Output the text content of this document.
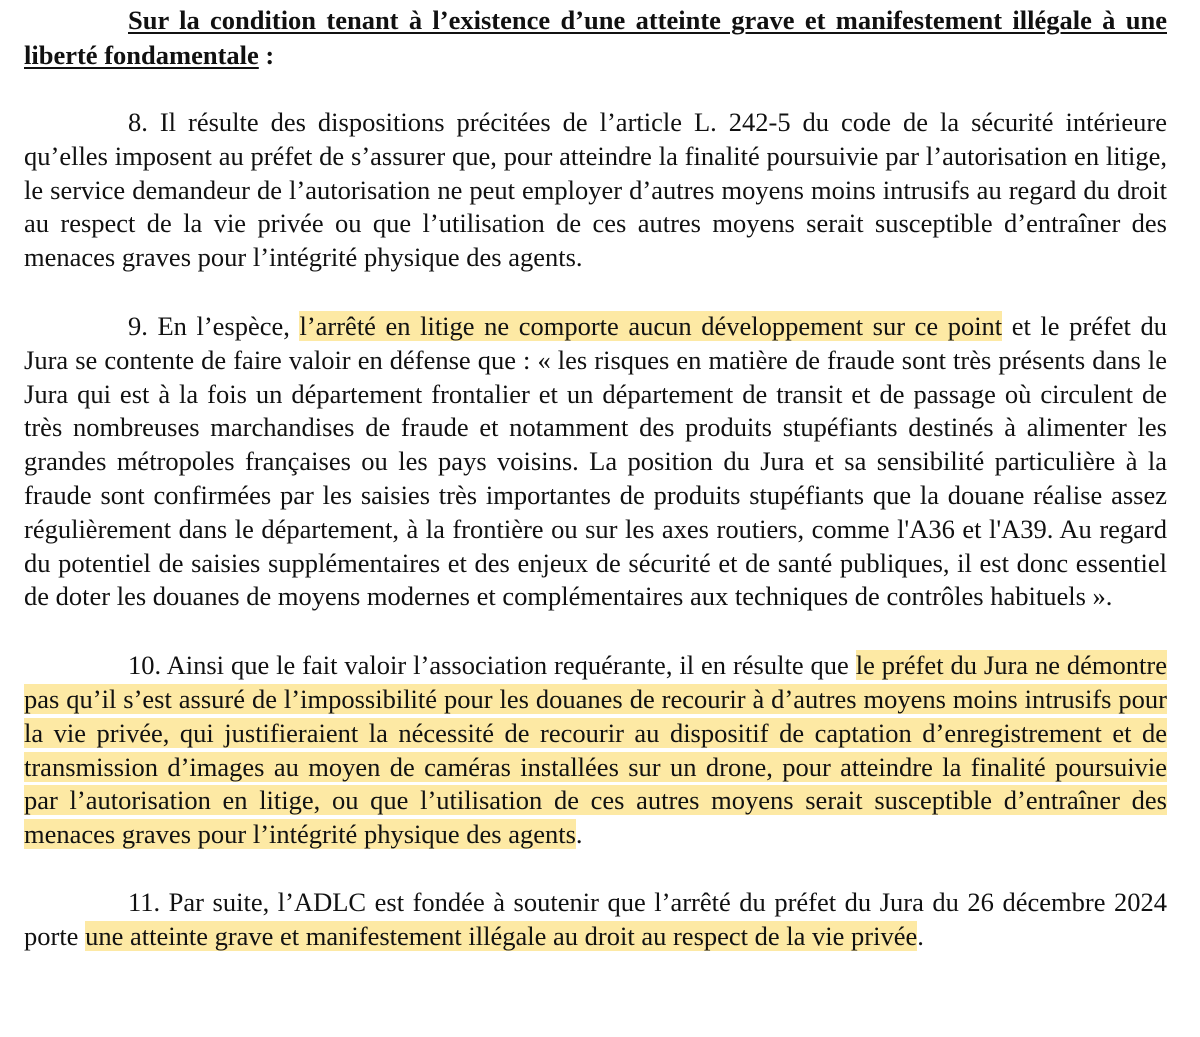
Sur la condition tenant à l’existence d’une atteinte grave et manifestement illégale à une liberté fondamentale :

8. Il résulte des dispositions précitées de l’article L. 242-5 du code de la sécurité intérieure qu’elles imposent au préfet de s’assurer que, pour atteindre la finalité poursuivie par l’autorisation en litige, le service demandeur de l’autorisation ne peut employer d’autres moyens moins intrusifs au regard du droit au respect de la vie privée ou que l’utilisation de ces autres moyens serait susceptible d’entraîner des menaces graves pour l’intégrité physique des agents.

9. En l’espèce, l’arrêté en litige ne comporte aucun développement sur ce point et le préfet du Jura se contente de faire valoir en défense que : « les risques en matière de fraude sont très présents dans le Jura qui est à la fois un département frontalier et un département de transit et de passage où circulent de très nombreuses marchandises de fraude et notamment des produits stupéfiants destinés à alimenter les grandes métropoles françaises ou les pays voisins. La position du Jura et sa sensibilité particulière à la fraude sont confirmées par les saisies très importantes de produits stupéfiants que la douane réalise assez régulièrement dans le département, à la frontière ou sur les axes routiers, comme l'A36 et l'A39. Au regard du potentiel de saisies supplémentaires et des enjeux de sécurité et de santé publiques, il est donc essentiel de doter les douanes de moyens modernes et complémentaires aux techniques de contrôles habituels ».

10. Ainsi que le fait valoir l’association requérante, il en résulte que le préfet du Jura ne démontre pas qu’il s’est assuré de l’impossibilité pour les douanes de recourir à d’autres moyens moins intrusifs pour la vie privée, qui justifieraient la nécessité de recourir au dispositif de captation d’enregistrement et de transmission d’images au moyen de caméras installées sur un drone, pour atteindre la finalité poursuivie par l’autorisation en litige, ou que l’utilisation de ces autres moyens serait susceptible d’entraîner des menaces graves pour l’intégrité physique des agents.

11. Par suite, l’ADLC est fondée à soutenir que l’arrêté du préfet du Jura du 26 décembre 2024 porte une atteinte grave et manifestement illégale au droit au respect de la vie privée.
